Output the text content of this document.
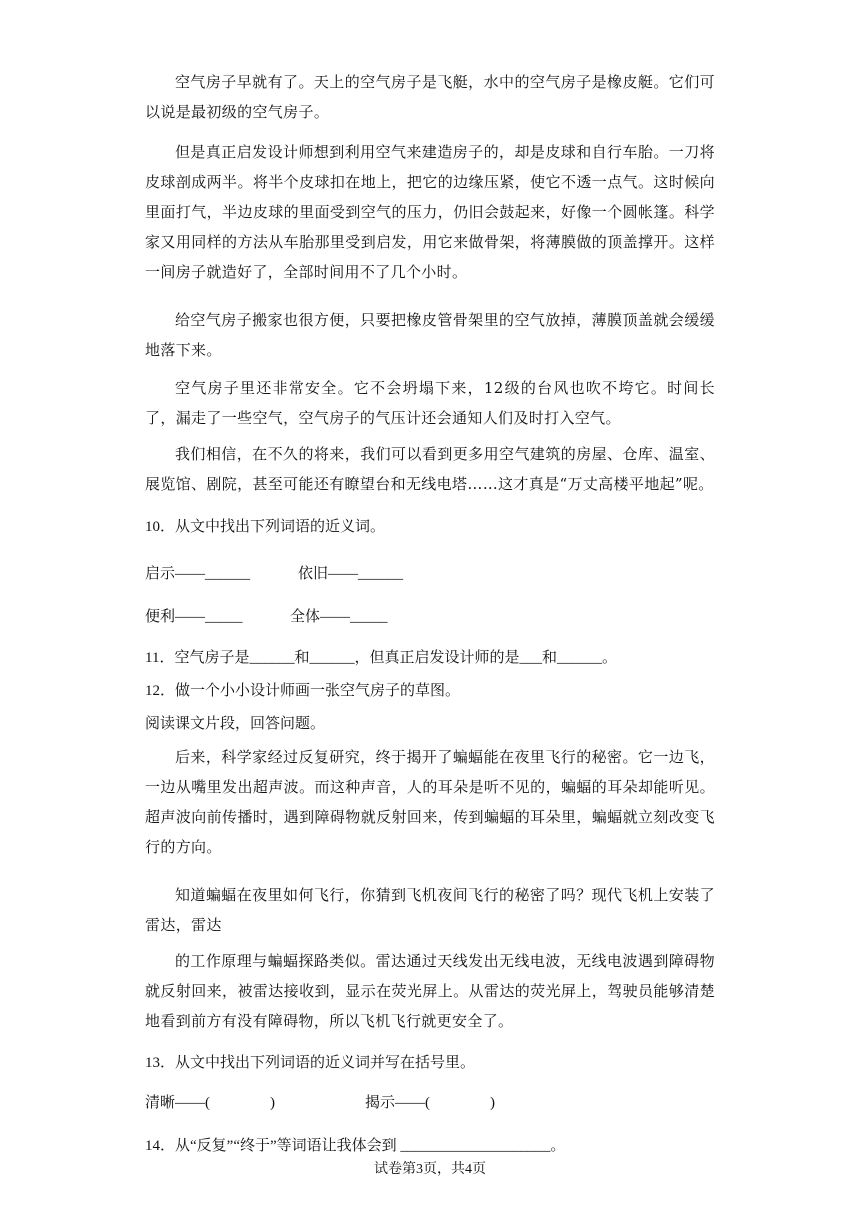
空气房子早就有了。天上的空气房子是飞艇，水中的空气房子是橡皮艇。它们可以说是最初级的空气房子。

但是真正启发设计师想到利用空气来建造房子的，却是皮球和自行车胎。一刀将皮球剖成两半。将半个皮球扣在地上，把它的边缘压紧，使它不透一点气。这时候向里面打气，半边皮球的里面受到空气的压力，仍旧会鼓起来，好像一个圆帐篷。科学家又用同样的方法从车胎那里受到启发，用它来做骨架，将薄膜做的顶盖撑开。这样一间房子就造好了，全部时间用不了几个小时。

给空气房子搬家也很方便，只要把橡皮管骨架里的空气放掉，薄膜顶盖就会缓缓地落下来。

空气房子里还非常安全。它不会坍塌下来，12级的台风也吹不垮它。时间长了，漏走了一些空气，空气房子的气压计还会通知人们及时打入空气。

我们相信，在不久的将来，我们可以看到更多用空气建筑的房屋、仓库、温室、展览馆、剧院，甚至可能还有瞭望台和无线电塔……这才真是“万丈高楼平地起”呢。

10．从文中找出下列词语的近义词。

启示——______	依旧——______

便利——_____	全体——_____

11．空气房子是______和______，但真正启发设计师的是___和______。

12．做一个小小设计师画一张空气房子的草图。

阅读课文片段，回答问题。

后来，科学家经过反复研究，终于揭开了蝙蝠能在夜里飞行的秘密。它一边飞，一边从嘴里发出超声波。而这种声音，人的耳朵是听不见的，蝙蝠的耳朵却能听见。超声波向前传播时，遇到障碍物就反射回来，传到蝙蝠的耳朵里，蝙蝠就立刻改变飞行的方向。

知道蝙蝠在夜里如何飞行，你猜到飞机夜间飞行的秘密了吗？现代飞机上安装了雷达，雷达

的工作原理与蝙蝠探路类似。雷达通过天线发出无线电波，无线电波遇到障碍物就反射回来，被雷达接收到，显示在荧光屏上。从雷达的荧光屏上，驾驶员能够清楚地看到前方有没有障碍物，所以飞机飞行就更安全了。

13．从文中找出下列词语的近义词并写在括号里。

清晰——(　　　　)	揭示——(　　　　)

14．从“反复”“终于”等词语让我体会到 ____________________。

试卷第3页，共4页
